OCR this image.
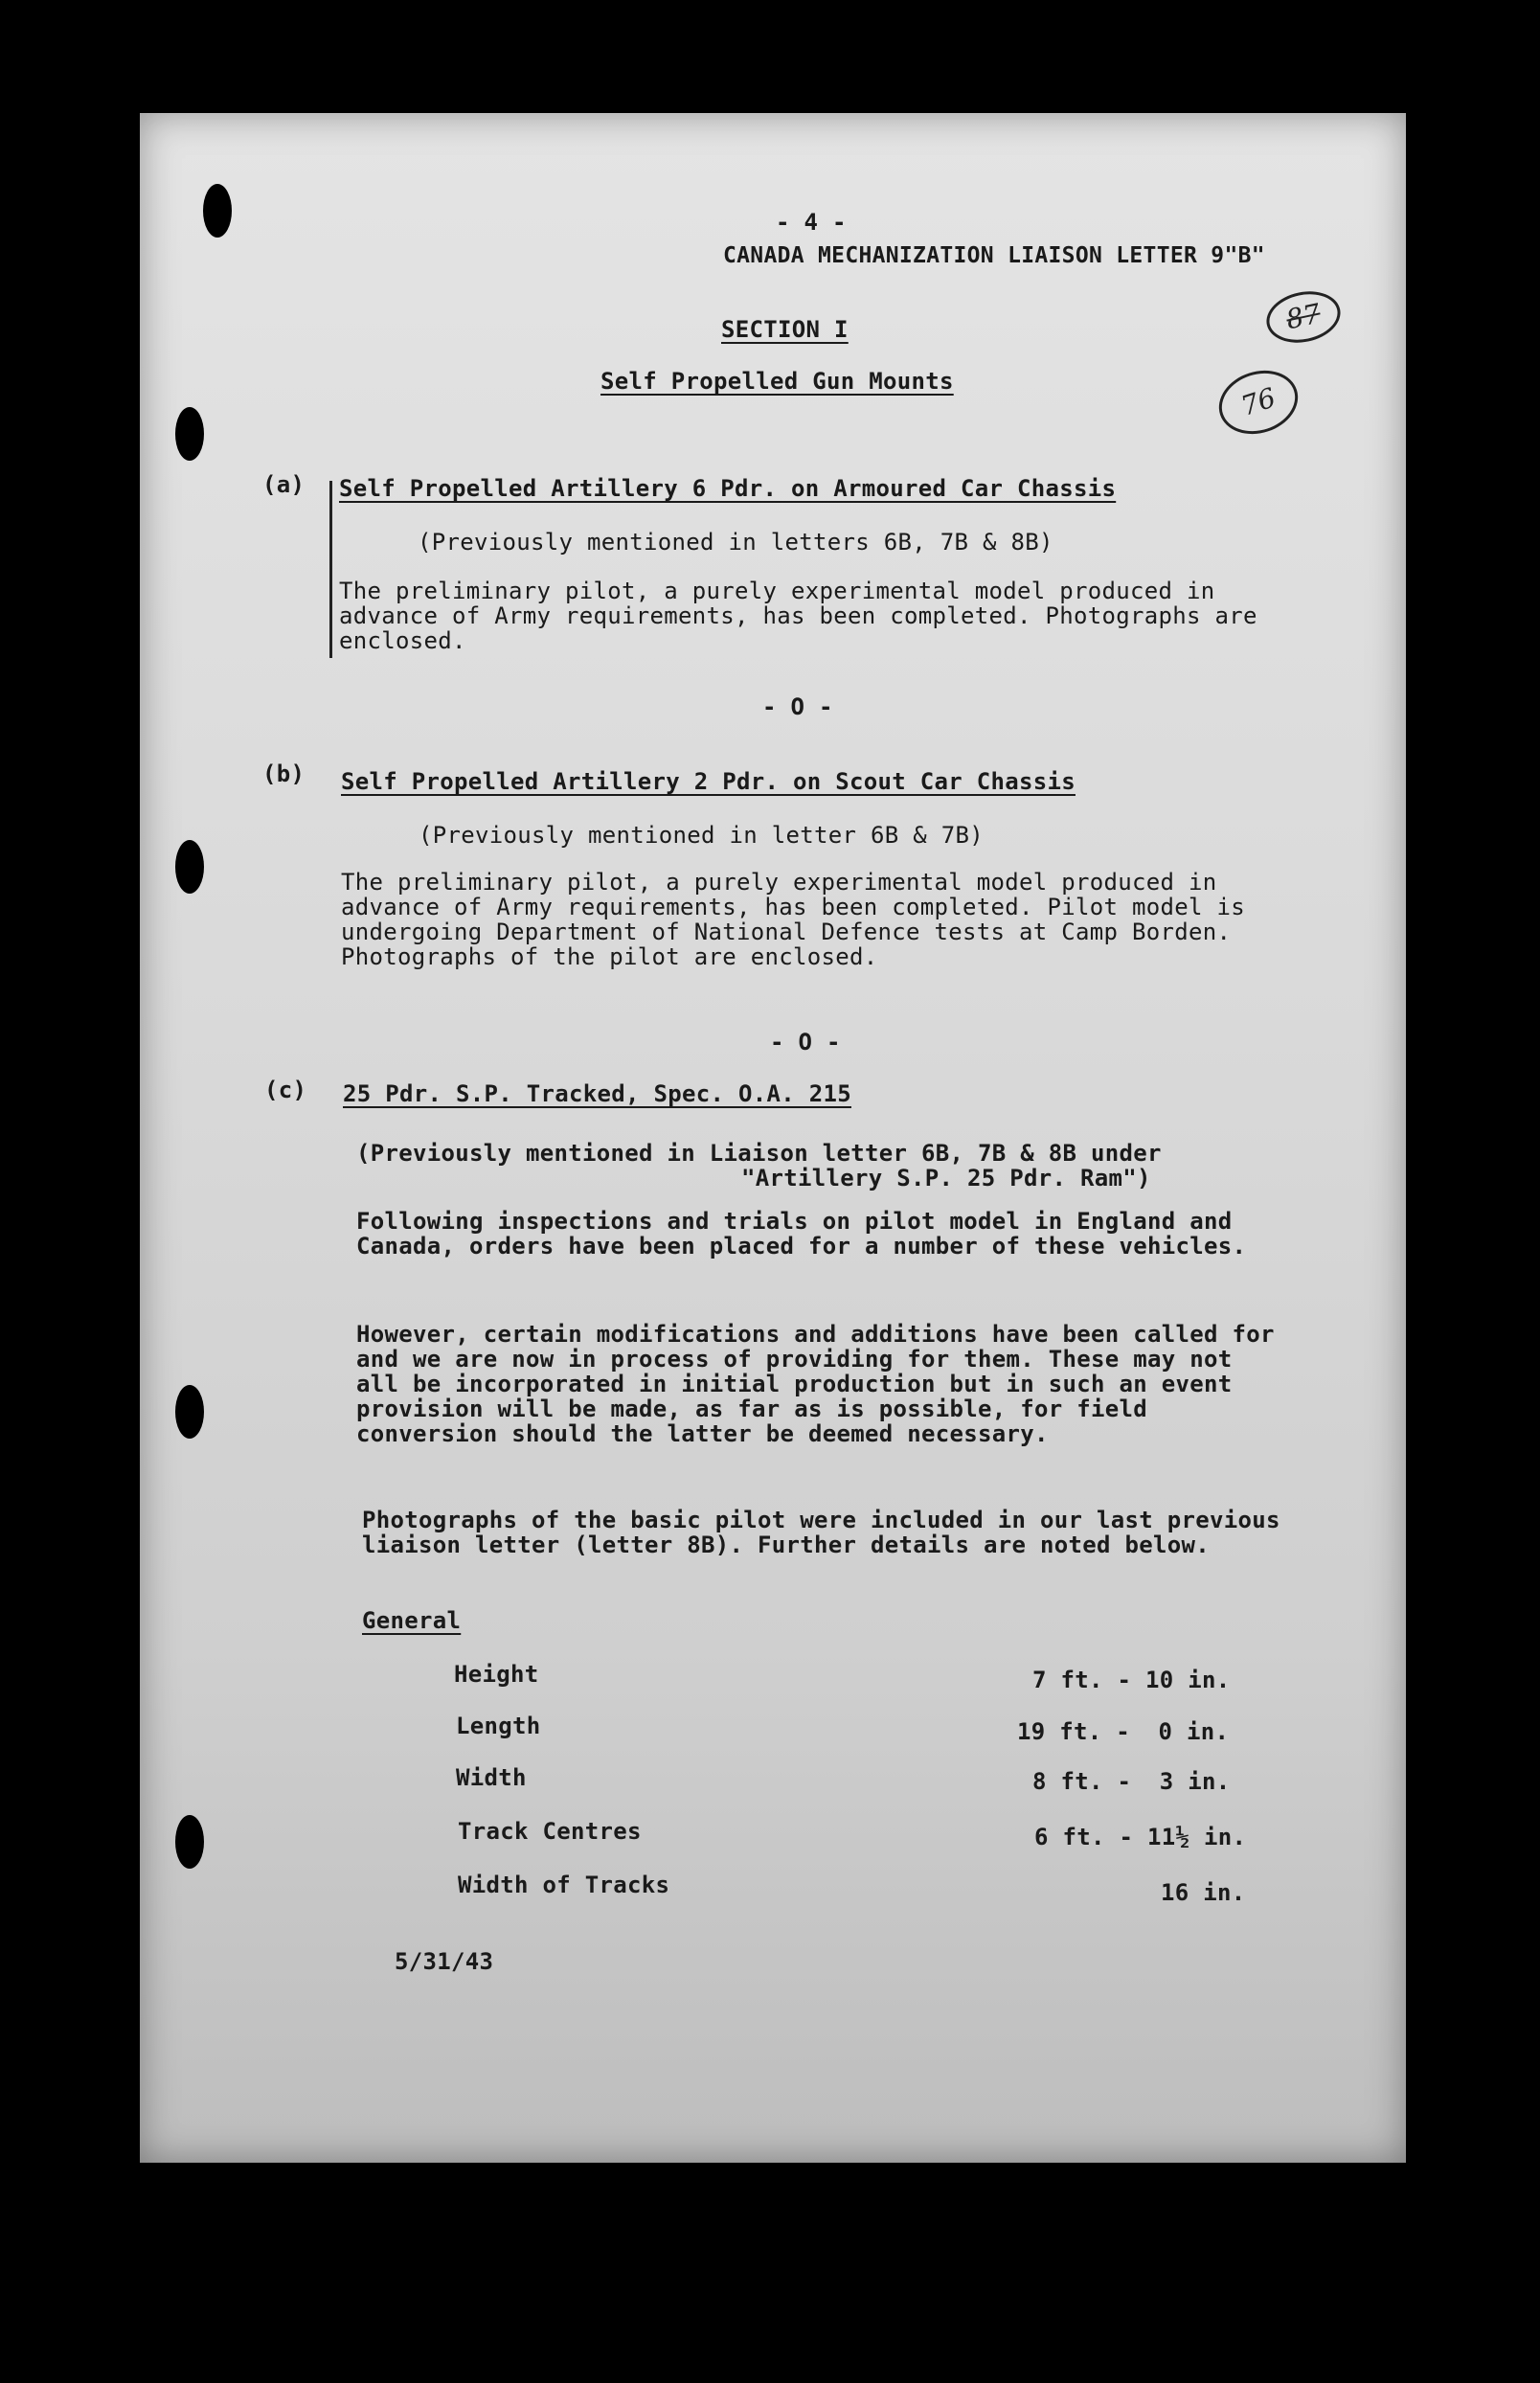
- 4 -
CANADA MECHANIZATION LIAISON LETTER 9"B"
87
76
SECTION I
Self Propelled Gun Mounts
(a) Self Propelled Artillery 6 Pdr. on Armoured Car Chassis
(Previously mentioned in letters 6B, 7B & 8B)
The preliminary pilot, a purely experimental model produced in advance of Army requirements, has been completed. Photographs are enclosed.
- O -
(b) Self Propelled Artillery 2 Pdr. on Scout Car Chassis
(Previously mentioned in letter 6B & 7B)
The preliminary pilot, a purely experimental model produced in advance of Army requirements, has been completed. Pilot model is undergoing Department of National Defence tests at Camp Borden. Photographs of the pilot are enclosed.
- O -
(c) 25 Pdr. S.P. Tracked, Spec. O.A. 215
(Previously mentioned in Liaison letter 6B, 7B & 8B under
"Artillery S.P. 25 Pdr. Ram")
Following inspections and trials on pilot model in England and Canada, orders have been placed for a number of these vehicles.
However, certain modifications and additions have been called for and we are now in process of providing for them. These may not all be incorporated in initial production but in such an event provision will be made, as far as is possible, for field conversion should the latter be deemed necessary.
Photographs of the basic pilot were included in our last previous liaison letter (letter 8B). Further details are noted below.
General
Height	7 ft. - 10 in.
Length	19 ft. -  0 in.
Width	8 ft. -  3 in.
Track Centres	6 ft. - 11½ in.
Width of Tracks	16 in.
5/31/43
